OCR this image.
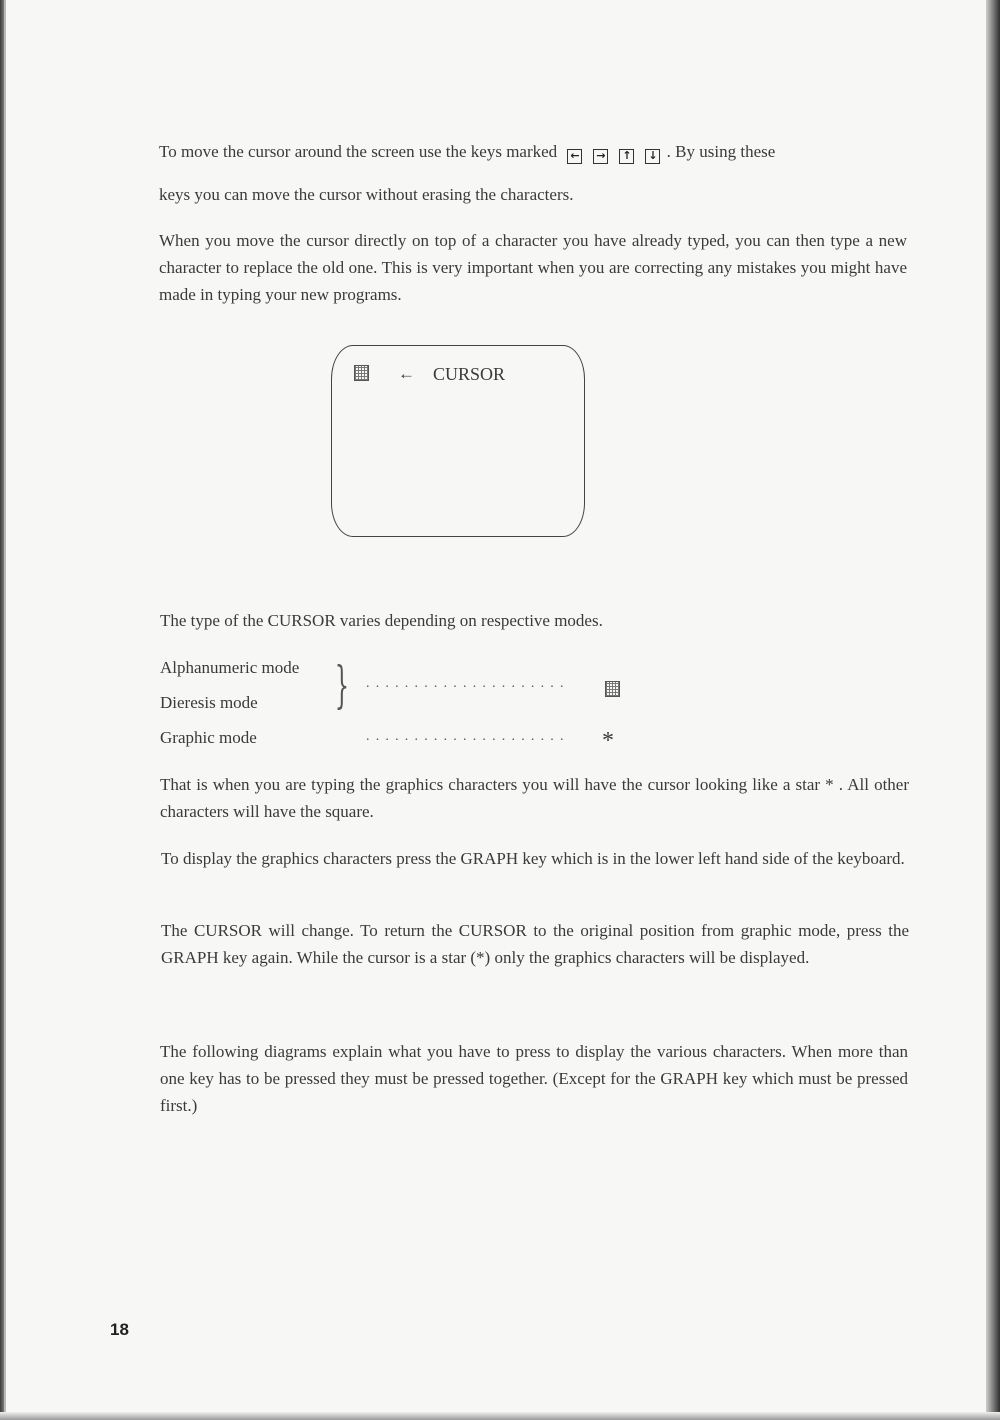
To move the cursor around the screen use the keys marked ← → ↑ ↓ . By using these
keys you can move the cursor without erasing the characters.
When you move the cursor directly on top of a character you have already typed, you can then type a new character to replace the old one. This is very important when you are correcting any mistakes you might have made in typing your new programs.
← CURSOR
The type of the CURSOR varies depending on respective modes.
Alphanumeric mode
Dieresis mode
Graphic mode
} .....................
..................... *
That is when you are typing the graphics characters you will have the cursor looking like a star * . All other characters will have the square.
To display the graphics characters press the GRAPH key which is in the lower left hand side of the keyboard.
The CURSOR will change. To return the CURSOR to the original position from graphic mode, press the GRAPH key again. While the cursor is a star (*) only the graphics characters will be displayed.
The following diagrams explain what you have to press to display the various characters. When more than one key has to be pressed they must be pressed together. (Except for the GRAPH key which must be pressed first.)
18
